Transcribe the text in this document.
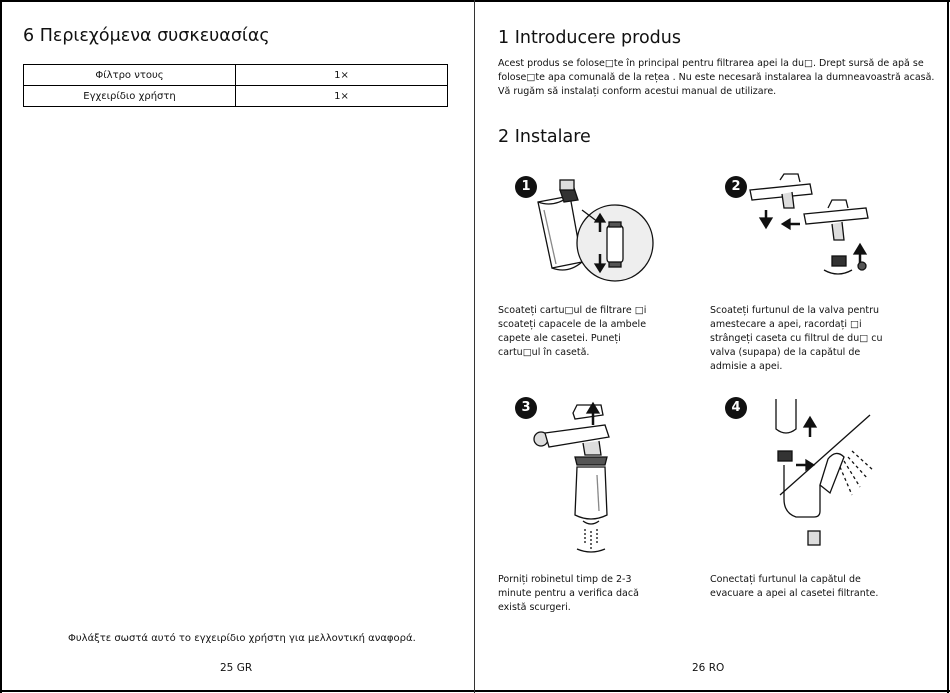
6 Περιεχόμενα συσκευασίας
Φίλτρο ντους	1×
Εγχειρίδιο χρήστη	1×
Φυλάξτε σωστά αυτό το εγχειρίδιο χρήστη για μελλοντική αναφορά.
25 GR
1 Introducere produs
Acest produs se folose□te în principal pentru filtrarea apei la du□. Drept sursă de apă se
folose□te apa comunală de la rețea . Nu este necesară instalarea la dumneavoastră acasă.
Vă rugăm să instalați conform acestui manual de utilizare.
2 Instalare
1
Scoateți cartu□ul de filtrare □i
scoateți capacele de la ambele
capete ale casetei. Puneți
cartu□ul în casetă.
2
Scoateți furtunul de la valva pentru
amestecare a apei, racordați □i
strângeți caseta cu filtrul de du□ cu
valva (supapa) de la capătul de
admisie a apei.
3
Porniți robinetul timp de 2-3
minute pentru a verifica dacă
există scurgeri.
4
Conectați furtunul la capătul de
evacuare a apei al casetei filtrante.
26 RO
